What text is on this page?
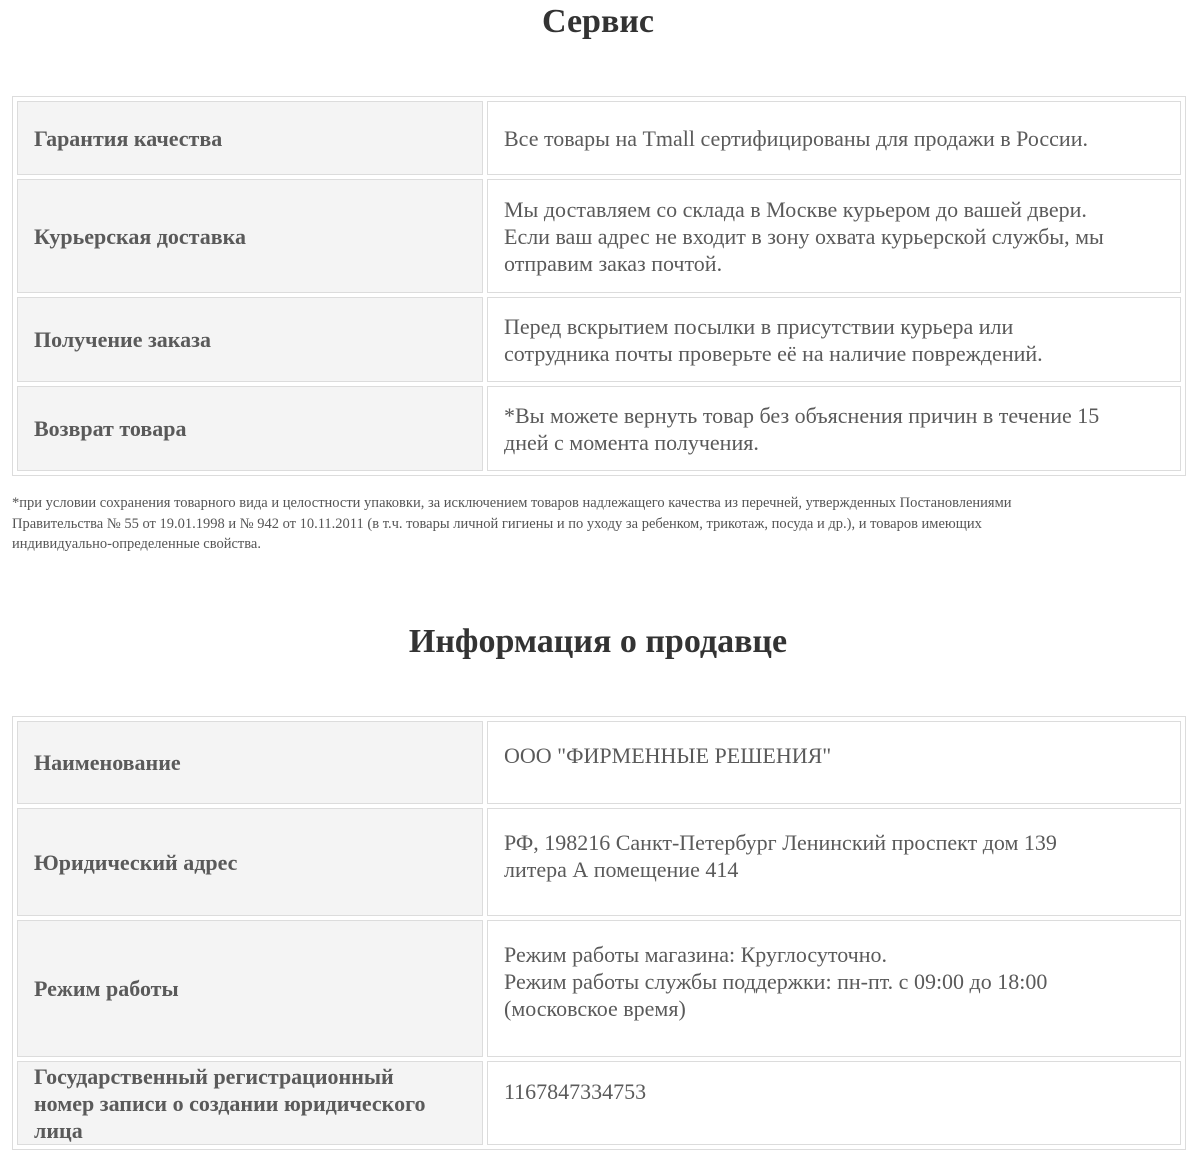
Сервис
Гарантия качества	Все товары на Tmall сертифицированы для продажи в России.

Курьерская доставка	Мы доставляем со склада в Москве курьером до вашей двери.
Если ваш адрес не входит в зону охвата курьерской службы, мы
отправим заказ почтой.

Получение заказа	Перед вскрытием посылки в присутствии курьера или
сотрудника почты проверьте её на наличие повреждений.

Возврат товара	*Вы можете вернуть товар без объяснения причин в течение 15
дней с момента получения.

*при условии сохранения товарного вида и целостности упаковки, за исключением товаров надлежащего качества из перечней, утвержденных Постановлениями
Правительства № 55 от 19.01.1998 и № 942 от 10.11.2011 (в т.ч. товары личной гигиены и по уходу за ребенком, трикотаж, посуда и др.), и товаров имеющих
индивидуально-определенные свойства.

Информация о продавце
Наименование	ООО "ФИРМЕННЫЕ РЕШЕНИЯ"

Юридический адрес	РФ, 198216 Санкт-Петербург Ленинский проспект дом 139
литера А помещение 414

Режим работы	Режим работы магазина: Круглосуточно.
Режим работы службы поддержки: пн-пт. с 09:00 до 18:00
(московское время)

Государственный регистрационный
номер записи о создании юридического
лица	1167847334753
